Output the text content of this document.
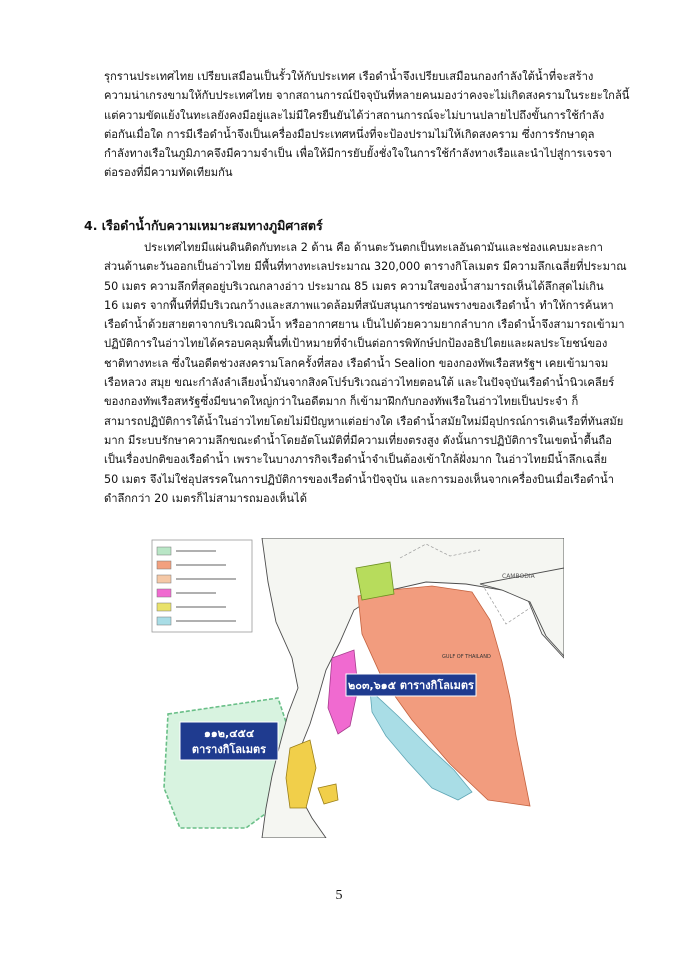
รุกรานประเทศไทย เปรียบเสมือนเป็นรั้วให้กับประเทศ เรือดำน้ำจึงเปรียบเสมือนกองกำลังใต้น้ำที่จะสร้าง
ความน่าเกรงขามให้กับประเทศไทย จากสถานการณ์ปัจจุบันที่หลายคนมองว่าคงจะไม่เกิดสงครามในระยะใกล้นี้
แต่ความขัดแย้งในทะเลยังคงมีอยู่และไม่มีใครยืนยันได้ว่าสถานการณ์จะไม่บานปลายไปถึงขั้นการใช้กำลัง
ต่อกันเมื่อใด การมีเรือดำน้ำจึงเป็นเครื่องมือประเทศหนึ่งที่จะป้องปรามไม่ให้เกิดสงคราม ซึ่งการรักษาดุล
กำลังทางเรือในภูมิภาคจึงมีความจำเป็น เพื่อให้มีการยับยั้งชั่งใจในการใช้กำลังทางเรือและนำไปสู่การเจรจา
ต่อรองที่มีความทัดเทียมกัน
4. เรือดำน้ำกับความเหมาะสมทางภูมิศาสตร์
ประเทศไทยมีแผ่นดินติดกับทะเล 2 ด้าน คือ ด้านตะวันตกเป็นทะเลอันดามันและช่องแคบมะละกา
ส่วนด้านตะวันออกเป็นอ่าวไทย มีพื้นที่ทางทะเลประมาณ 320,000 ตารางกิโลเมตร มีความลึกเฉลี่ยที่ประมาณ
50 เมตร ความลึกที่สุดอยู่บริเวณกลางอ่าว ประมาณ 85 เมตร ความใสของน้ำสามารถเห็นได้ลึกสุดไม่เกิน
16 เมตร จากพื้นที่ที่มีบริเวณกว้างและสภาพแวดล้อมที่สนับสนุนการซ่อนพรางของเรือดำน้ำ ทำให้การค้นหา
เรือดำน้ำด้วยสายตาจากบริเวณผิวน้ำ หรืออากาศยาน เป็นไปด้วยความยากลำบาก เรือดำน้ำจึงสามารถเข้ามา
ปฏิบัติการในอ่าวไทยได้ครอบคลุมพื้นที่เป้าหมายที่จำเป็นต่อการพิทักษ์ปกป้องอธิปไตยและผลประโยชน์ของ
ชาติทางทะเล ซึ่งในอดีตช่วงสงครามโลกครั้งที่สอง เรือดำน้ำ Sealion ของกองทัพเรือสหรัฐฯ เคยเข้ามาจม
เรือหลวง สมุย ขณะกำลังลำเลียงน้ำมันจากสิงคโปร์บริเวณอ่าวไทยตอนใต้ และในปัจจุบันเรือดำน้ำนิวเคลียร์
ของกองทัพเรือสหรัฐซึ่งมีขนาดใหญ่กว่าในอดีตมาก ก็เข้ามาฝึกกับกองทัพเรือในอ่าวไทยเป็นประจำ ก็
สามารถปฏิบัติการใต้น้ำในอ่าวไทยโดยไม่มีปัญหาแต่อย่างใด เรือดำน้ำสมัยใหม่มีอุปกรณ์การเดินเรือที่ทันสมัย
มาก มีระบบรักษาความลึกขณะดำน้ำโดยอัตโนมัติที่มีความเที่ยงตรงสูง ดังนั้นการปฏิบัติการในเขตน้ำตื้นถือ
เป็นเรื่องปกติของเรือดำน้ำ เพราะในบางภารกิจเรือดำน้ำจำเป็นต้องเข้าใกล้ฝั่งมาก ในอ่าวไทยมีน้ำลึกเฉลี่ย
50 เมตร จึงไม่ใช่อุปสรรคในการปฏิบัติการของเรือดำน้ำปัจจุบัน และการมองเห็นจากเครื่องบินเมื่อเรือดำน้ำ
ดำลึกกว่า 20 เมตรก็ไม่สามารถมองเห็นได้
CAMBODIA
GULF OF THAILAND
๒๐๓,๖๑๕ ตารางกิโลเมตร
๑๑๒,๔๕๔
ตารางกิโลเมตร
5
